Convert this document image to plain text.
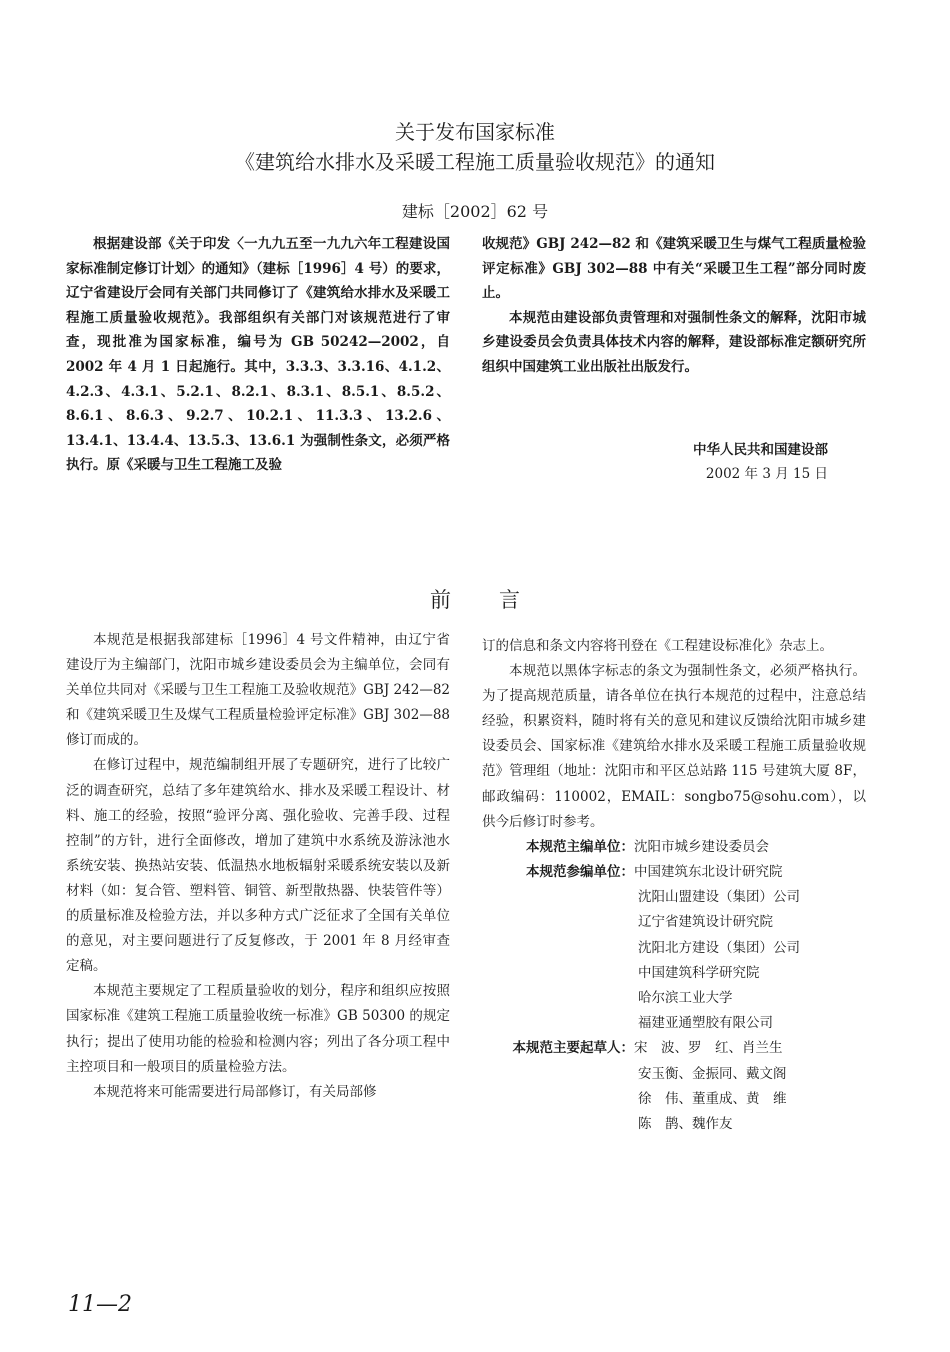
关于发布国家标准
《建筑给水排水及采暖工程施工质量验收规范》的通知
建标［2002］62 号

根据建设部《关于印发〈一九九五至一九九六年工程建设国家标准制定修订计划〉的通知》（建标［1996］4 号）的要求，辽宁省建设厅会同有关部门共同修订了《建筑给水排水及采暖工程施工质量验收规范》。我部组织有关部门对该规范进行了审查，现批准为国家标准，编号为 GB 50242—2002，自 2002 年 4 月 1 日起施行。其中，3.3.3、3.3.16、4.1.2、4.2.3、4.3.1、5.2.1、8.2.1、8.3.1、8.5.1、8.5.2、8.6.1、8.6.3、9.2.7、10.2.1、11.3.3、13.2.6、13.4.1、13.4.4、13.5.3、13.6.1 为强制性条文，必须严格执行。原《采暖与卫生工程施工及验

收规范》GBJ 242—82 和《建筑采暖卫生与煤气工程质量检验评定标准》GBJ 302—88 中有关“采暖卫生工程”部分同时废止。

本规范由建设部负责管理和对强制性条文的解释，沈阳市城乡建设委员会负责具体技术内容的解释，建设部标准定额研究所组织中国建筑工业出版社出版发行。

中华人民共和国建设部
2002 年 3 月 15 日
前言

本规范是根据我部建标［1996］4 号文件精神，由辽宁省建设厅为主编部门，沈阳市城乡建设委员会为主编单位，会同有关单位共同对《采暖与卫生工程施工及验收规范》GBJ 242—82 和《建筑采暖卫生及煤气工程质量检验评定标准》GBJ 302—88 修订而成的。

在修订过程中，规范编制组开展了专题研究，进行了比较广泛的调查研究，总结了多年建筑给水、排水及采暖工程设计、材料、施工的经验，按照“验评分离、强化验收、完善手段、过程控制”的方针，进行全面修改，增加了建筑中水系统及游泳池水系统安装、换热站安装、低温热水地板辐射采暖系统安装以及新材料（如：复合管、塑料管、铜管、新型散热器、快装管件等）的质量标准及检验方法，并以多种方式广泛征求了全国有关单位的意见，对主要问题进行了反复修改，于 2001 年 8 月经审查定稿。

本规范主要规定了工程质量验收的划分，程序和组织应按照国家标准《建筑工程施工质量验收统一标准》GB 50300 的规定执行；提出了使用功能的检验和检测内容；列出了各分项工程中主控项目和一般项目的质量检验方法。

本规范将来可能需要进行局部修订，有关局部修

订的信息和条文内容将刊登在《工程建设标准化》杂志上。

本规范以黑体字标志的条文为强制性条文，必须严格执行。为了提高规范质量，请各单位在执行本规范的过程中，注意总结经验，积累资料，随时将有关的意见和建议反馈给沈阳市城乡建设委员会、国家标准《建筑给水排水及采暖工程施工质量验收规范》管理组（地址：沈阳市和平区总站路 115 号建筑大厦 8F，邮政编码：110002，EMAIL：songbo75@sohu.com），以供今后修订时参考。

本规范主编单位： 沈阳市城乡建设委员会
本规范参编单位： 中国建筑东北设计研究院
沈阳山盟建设（集团）公司
辽宁省建筑设计研究院
沈阳北方建设（集团）公司
中国建筑科学研究院
哈尔滨工业大学
福建亚通塑胶有限公司
本规范主要起草人： 宋　波、罗　红、肖兰生
安玉衡、金振同、戴文阁
徐　伟、董重成、黄　维
陈　鹊、魏作友
11—2
